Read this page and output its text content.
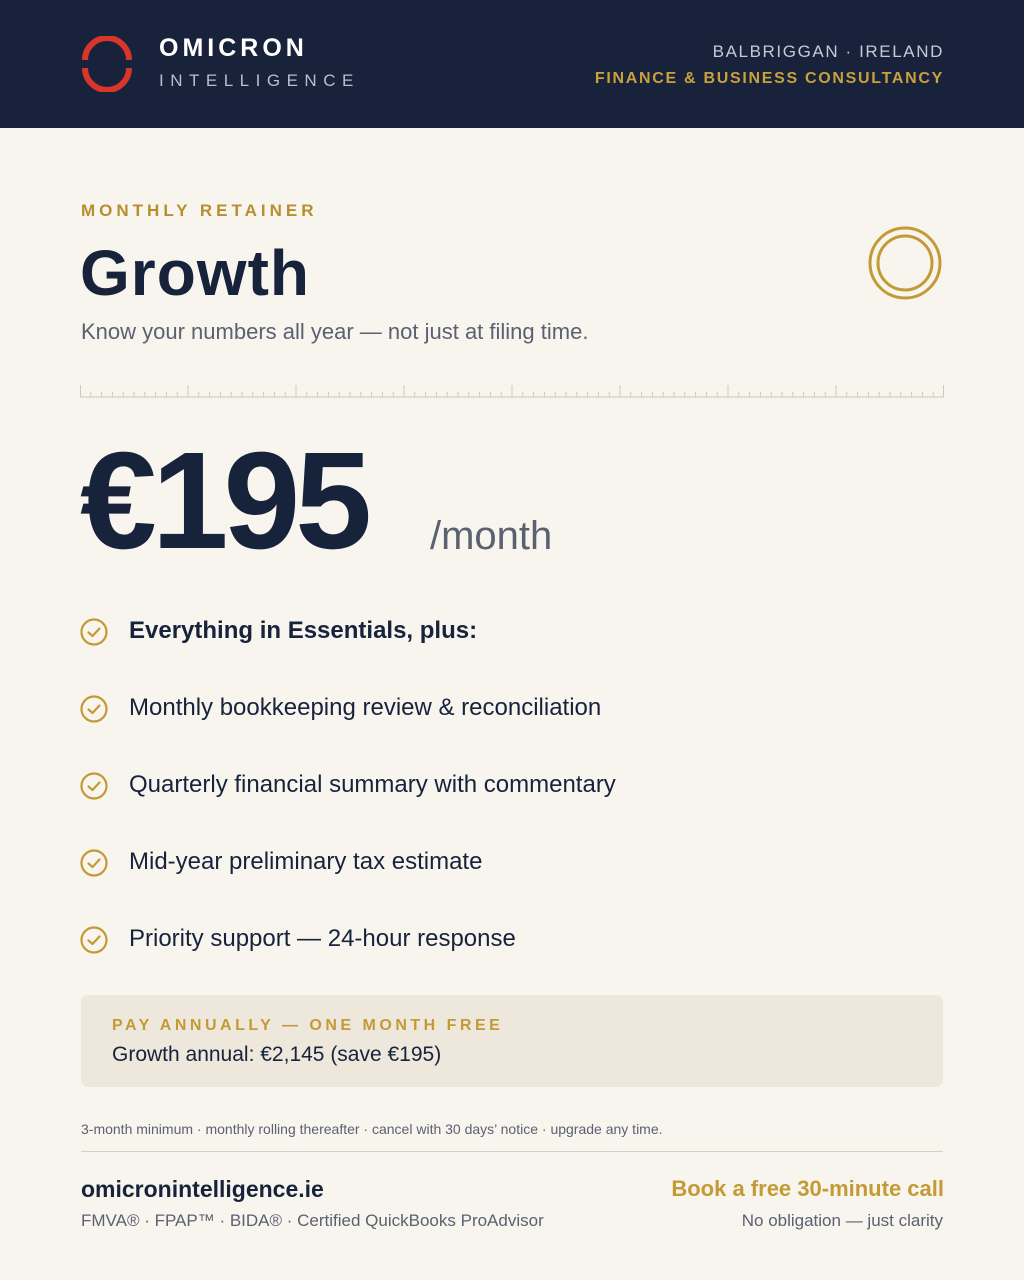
OMICRON
INTELLIGENCE
BALBRIGGAN · IRELAND
FINANCE & BUSINESS CONSULTANCY
MONTHLY RETAINER
Growth
Know your numbers all year — not just at filing time.
€195 /month
Everything in Essentials, plus:
Monthly bookkeeping review & reconciliation
Quarterly financial summary with commentary
Mid-year preliminary tax estimate
Priority support — 24-hour response
PAY ANNUALLY — ONE MONTH FREE
Growth annual: €2,145 (save €195)
3-month minimum · monthly rolling thereafter · cancel with 30 days’ notice · upgrade any time.
omicronintelligence.ie
FMVA® · FPAP™ · BIDA® · Certified QuickBooks ProAdvisor
Book a free 30-minute call
No obligation — just clarity
